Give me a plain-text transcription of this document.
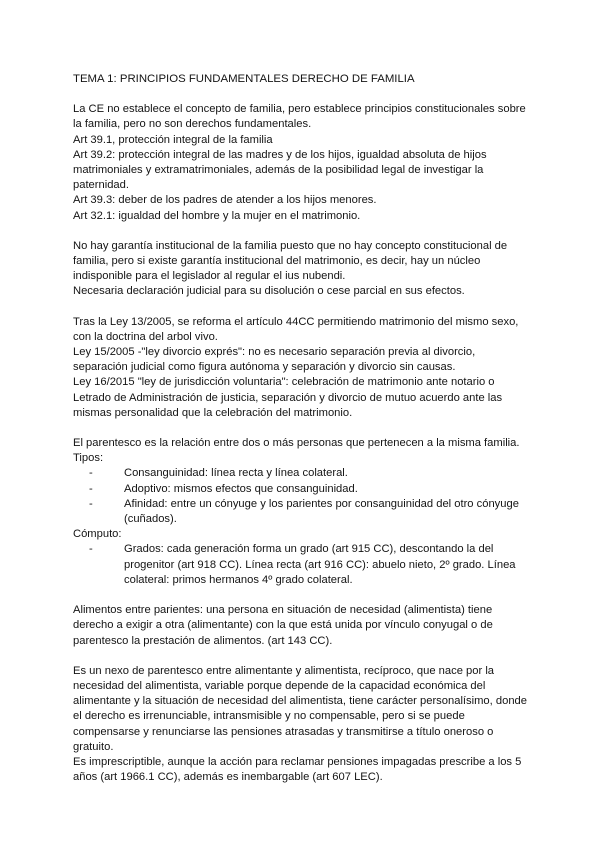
TEMA 1: PRINCIPIOS FUNDAMENTALES DERECHO DE FAMILIA

La CE no establece el concepto de familia, pero establece principios constitucionales sobre la familia, pero no son derechos fundamentales.

Art 39.1, protección integral de la familia

Art 39.2: protección integral de las madres y de los hijos, igualdad absoluta de hijos matrimoniales y extramatrimoniales, además de la posibilidad legal de investigar la paternidad.

Art 39.3: deber de los padres de atender a los hijos menores.

Art 32.1: igualdad del hombre y la mujer en el matrimonio.

No hay garantía institucional de la familia puesto que no hay concepto constitucional de familia, pero si existe garantía institucional del matrimonio, es decir, hay un núcleo indisponible para el legislador al regular el ius nubendi.

Necesaria declaración judicial para su disolución o cese parcial en sus efectos.

Tras la Ley 13/2005, se reforma el artículo 44CC permitiendo matrimonio del mismo sexo, con la doctrina del arbol vivo.

Ley 15/2005 -"ley divorcio exprés": no es necesario separación previa al divorcio, separación judicial como figura autónoma y separación y divorcio sin causas.

Ley 16/2015 "ley de jurisdicción voluntaria": celebración de matrimonio ante notario o Letrado de Administración de justicia, separación y divorcio de mutuo acuerdo ante las mismas personalidad que la celebración del matrimonio.

El parentesco es la relación entre dos o más personas que pertenecen a la misma familia.

Tipos:

- Consanguinidad: línea recta y línea colateral.
- Adoptivo: mismos efectos que consanguinidad.
- Afinidad: entre un cónyuge y los parientes por consanguinidad del otro cónyuge (cuñados).

Cómputo:

- Grados: cada generación forma un grado (art 915 CC), descontando la del progenitor (art 918 CC). Línea recta (art 916 CC): abuelo nieto, 2º grado. Línea colateral: primos hermanos 4º grado colateral.

Alimentos entre parientes: una persona en situación de necesidad (alimentista) tiene derecho a exigir a otra (alimentante) con la que está unida por vínculo conyugal o de parentesco la prestación de alimentos. (art 143 CC).

Es un nexo de parentesco entre alimentante y alimentista, recíproco, que nace por la necesidad del alimentista, variable porque depende de la capacidad económica del alimentante y la situación de necesidad del alimentista, tiene carácter personalísimo, donde el derecho es irrenunciable, intransmisible y no compensable, pero si se puede compensarse y renunciarse las pensiones atrasadas y transmitirse a título oneroso o gratuito.

Es imprescriptible, aunque la acción para reclamar pensiones impagadas prescribe a los 5 años (art 1966.1 CC), además es inembargable (art 607 LEC).
